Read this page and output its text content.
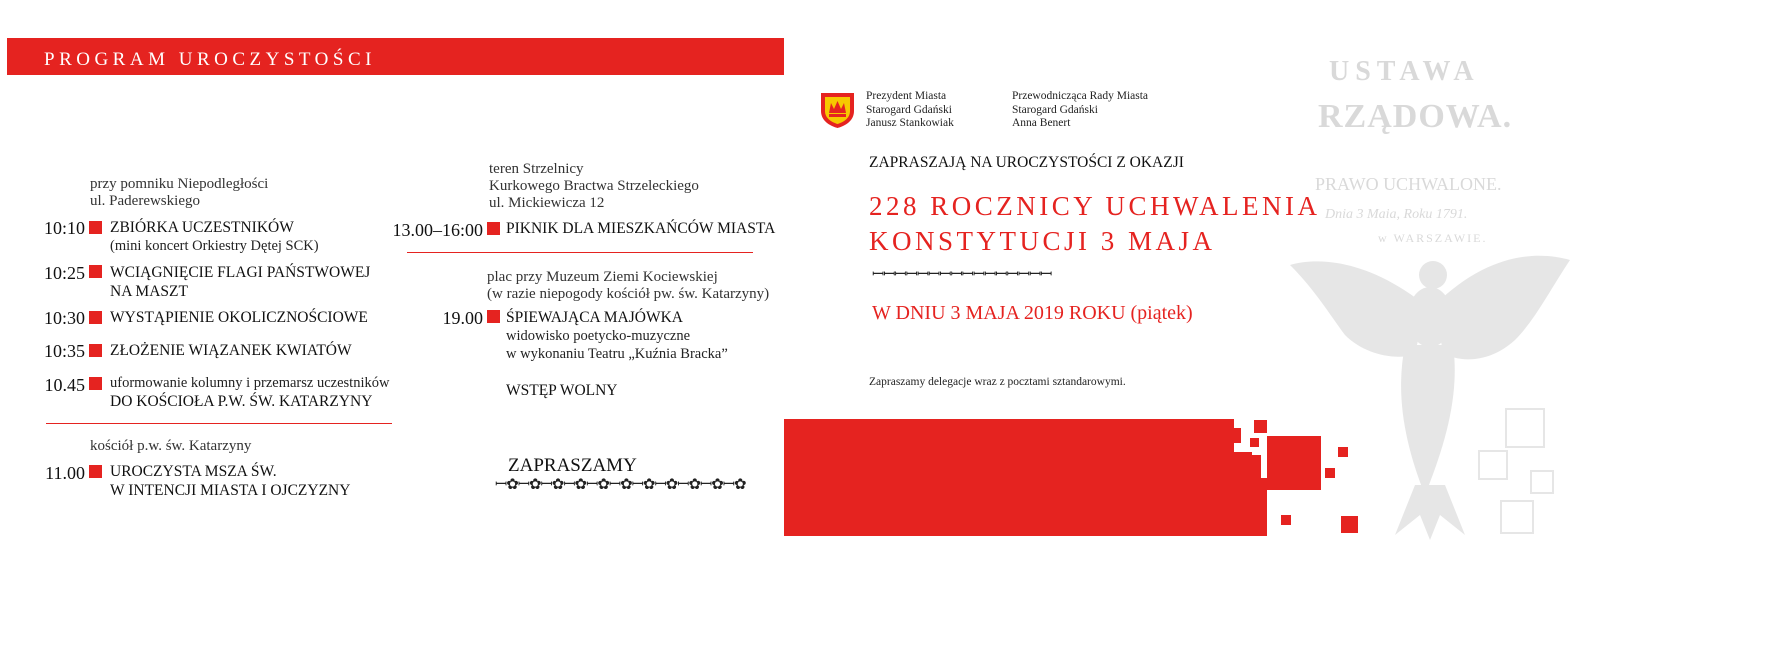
PROGRAM UROCZYSTOŚCI
przy pomniku Niepodległości
ul. Paderewskiego
10:10 ZBIÓRKA UCZESTNIKÓW
(mini koncert Orkiestry Dętej SCK)
10:25 WCIĄGNIĘCIE FLAGI PAŃSTWOWEJ
NA MASZT
10:30 WYSTĄPIENIE OKOLICZNOŚCIOWE
10:35 ZŁOŻENIE WIĄZANEK KWIATÓW
10.45 uformowanie kolumny i przemarsz uczestników
DO KOŚCIOŁA P.W. ŚW. KATARZYNY
kościół p.w. św. Katarzyny
11.00 UROCZYSTA MSZA ŚW.
W INTENCJI MIASTA I OJCZYZNY
teren Strzelnicy
Kurkowego Bractwa Strzeleckiego
ul. Mickiewicza 12
13.00–16:00 PIKNIK DLA MIESZKAŃCÓW MIASTA
plac przy Muzeum Ziemi Kociewskiej
(w razie niepogody kościół pw. św. Katarzyny)
19.00 ŚPIEWAJĄCA MAJÓWKA
widowisko poetycko-muzyczne
w wykonaniu Teatru „Kuźnia Bracka”
WSTĘP WOLNY
ZAPRASZAMY
ꟷ✿ꟷ✿ꟷ✿ꟷ✿ꟷ✿ꟷ✿ꟷ✿ꟷ✿ꟷ✿ꟷ✿ꟷ✿
USTAWA
RZĄDOWA.
PRAWO UCHWALONE.
Dnia 3 Maia, Roku 1791.
w WARSZAWIE.
Prezydent Miasta
Starogard Gdański
Janusz Stankowiak
Przewodnicząca Rady Miasta
Starogard Gdański
Anna Benert
ZAPRASZAJĄ NA UROCZYSTOŚCI Z OKAZJI
228 ROCZNICY UCHWALENIA
KONSTYTUCJI 3 MAJA
ꟷꟷꟷꟷꟷꟷꟷꟷꟷꟷꟷꟷꟷꟷꟷꟷ
W DNIU 3 MAJA 2019 ROKU (piątek)
Zapraszamy delegacje wraz z pocztami sztandarowymi.
